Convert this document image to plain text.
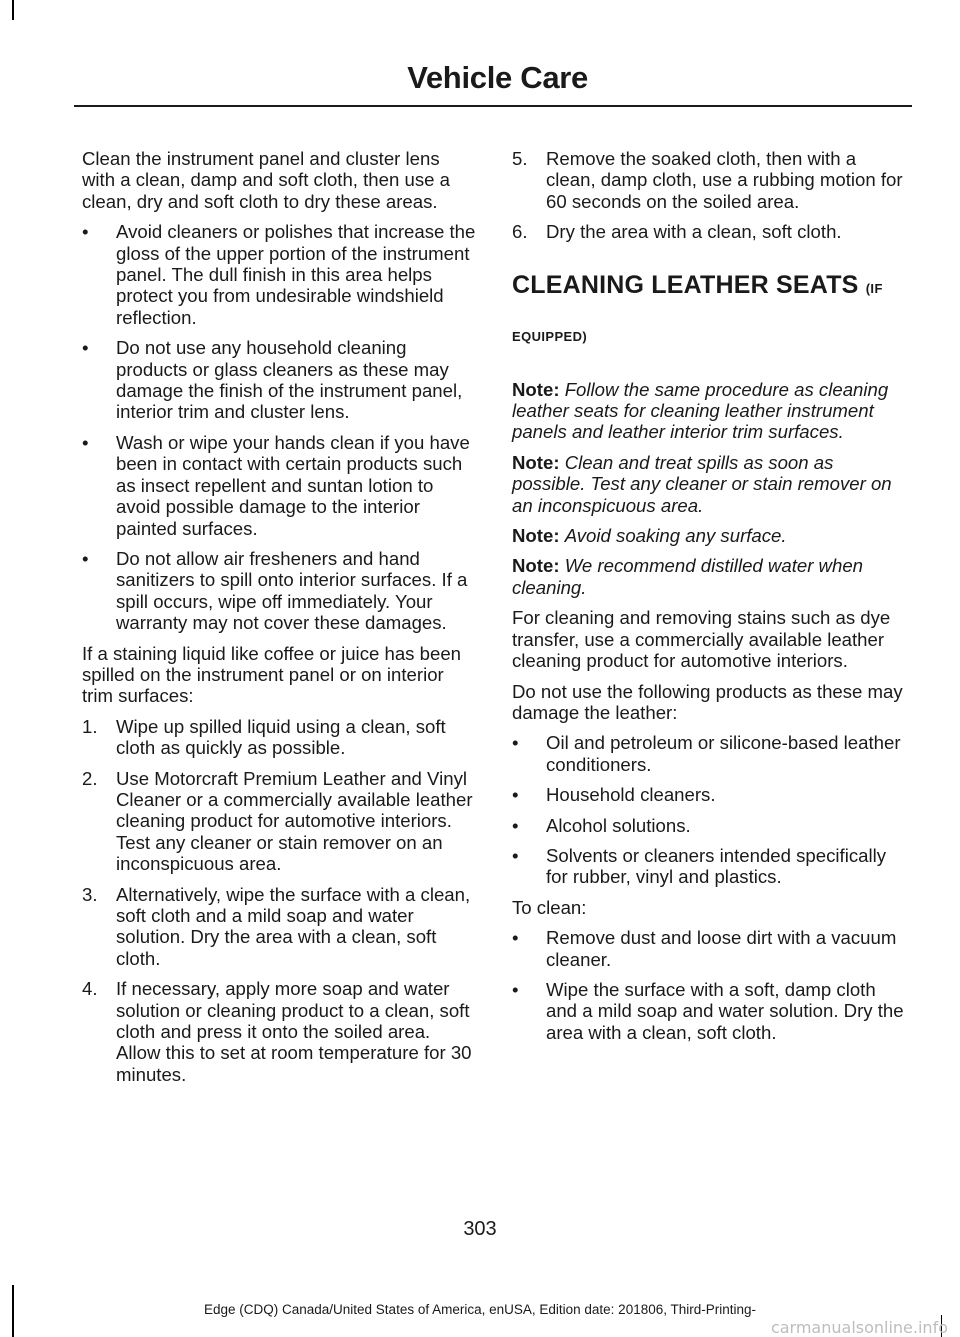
Vehicle Care

Clean the instrument panel and cluster lens with a clean, damp and soft cloth, then use a clean, dry and soft cloth to dry these areas.

•	Avoid cleaners or polishes that increase the gloss of the upper portion of the instrument panel. The dull finish in this area helps protect you from undesirable windshield reflection.
•	Do not use any household cleaning products or glass cleaners as these may damage the finish of the instrument panel, interior trim and cluster lens.
•	Wash or wipe your hands clean if you have been in contact with certain products such as insect repellent and suntan lotion to avoid possible damage to the interior painted surfaces.
•	Do not allow air fresheners and hand sanitizers to spill onto interior surfaces. If a spill occurs, wipe off immediately. Your warranty may not cover these damages.

If a staining liquid like coffee or juice has been spilled on the instrument panel or on interior trim surfaces:

1. Wipe up spilled liquid using a clean, soft cloth as quickly as possible.
2. Use Motorcraft Premium Leather and Vinyl Cleaner or a commercially available leather cleaning product for automotive interiors. Test any cleaner or stain remover on an inconspicuous area.
3. Alternatively, wipe the surface with a clean, soft cloth and a mild soap and water solution. Dry the area with a clean, soft cloth.
4. If necessary, apply more soap and water solution or cleaning product to a clean, soft cloth and press it onto the soiled area. Allow this to set at room temperature for 30 minutes.
5. Remove the soaked cloth, then with a clean, damp cloth, use a rubbing motion for 60 seconds on the soiled area.
6. Dry the area with a clean, soft cloth.
CLEANING LEATHER SEATS (IF EQUIPPED)

Note: Follow the same procedure as cleaning leather seats for cleaning leather instrument panels and leather interior trim surfaces.

Note: Clean and treat spills as soon as possible. Test any cleaner or stain remover on an inconspicuous area.

Note: Avoid soaking any surface.

Note: We recommend distilled water when cleaning.

For cleaning and removing stains such as dye transfer, use a commercially available leather cleaning product for automotive interiors.

Do not use the following products as these may damage the leather:

•	Oil and petroleum or silicone-based leather conditioners.
•	Household cleaners.
•	Alcohol solutions.
•	Solvents or cleaners intended specifically for rubber, vinyl and plastics.

To clean:

•	Remove dust and loose dirt with a vacuum cleaner.
•	Wipe the surface with a soft, damp cloth and a mild soap and water solution. Dry the area with a clean, soft cloth.
303
Edge (CDQ) Canada/United States of America, enUSA, Edition date: 201806, Third-Printing-
carmanualsonline.info
